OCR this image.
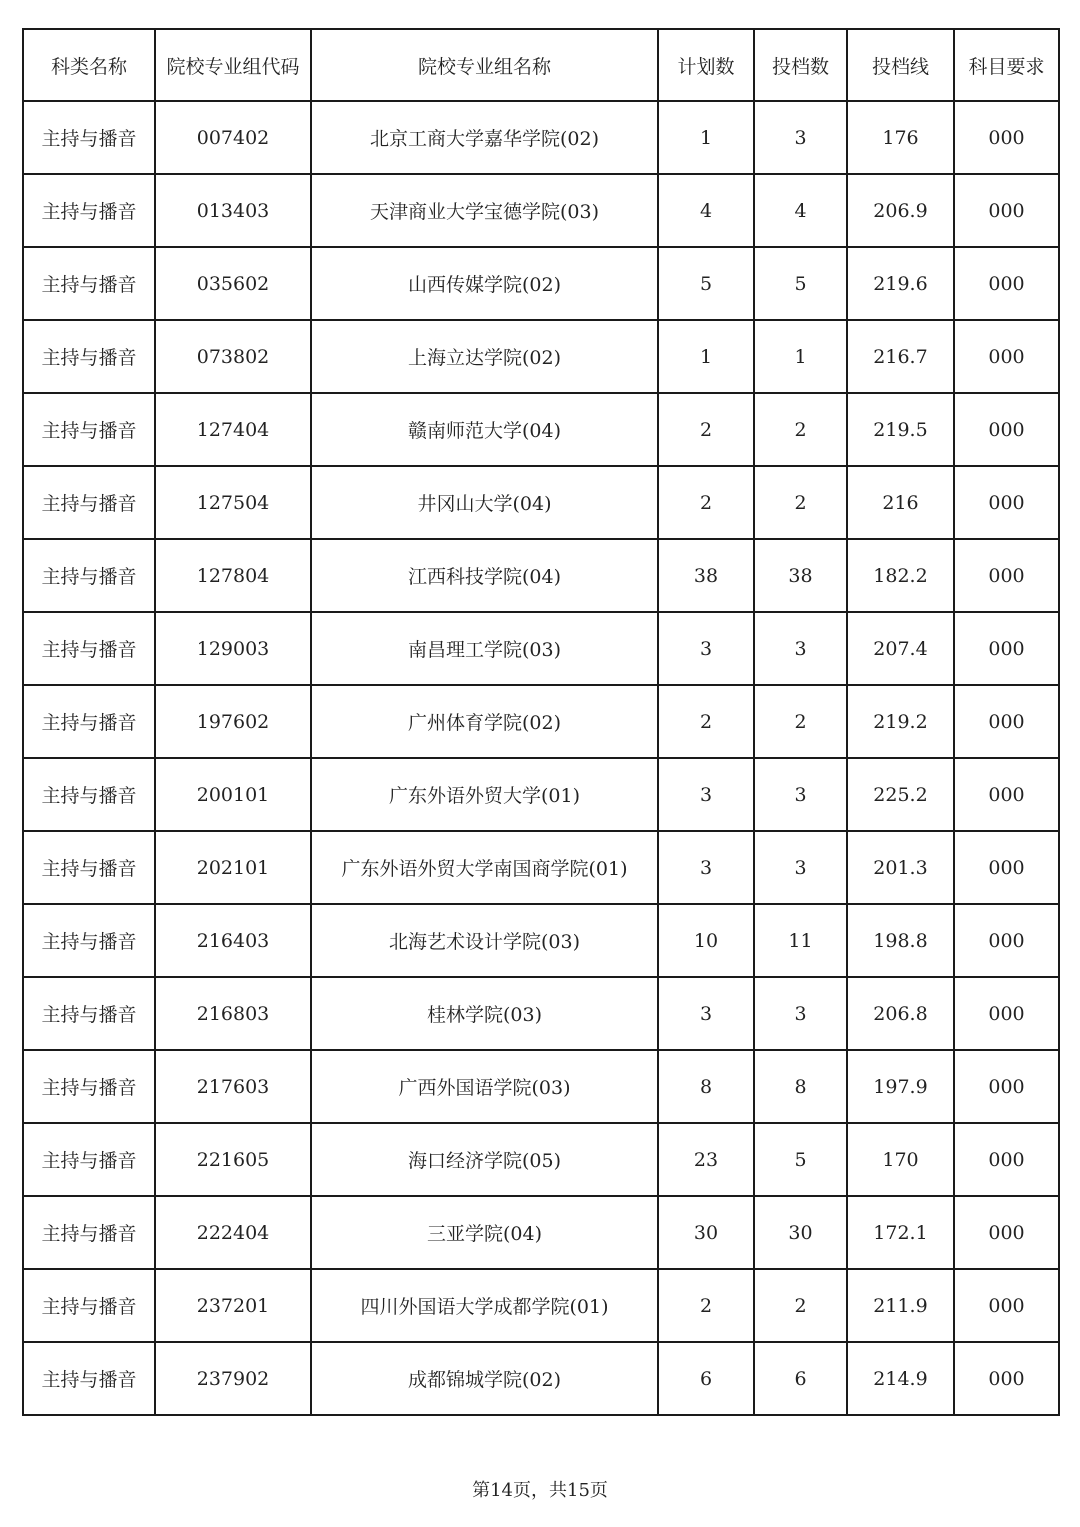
科类名称	院校专业组代码	院校专业组名称	计划数	投档数	投档线	科目要求
主持与播音	007402	北京工商大学嘉华学院(02)	1	3	176	000
主持与播音	013403	天津商业大学宝德学院(03)	4	4	206.9	000
主持与播音	035602	山西传媒学院(02)	5	5	219.6	000
主持与播音	073802	上海立达学院(02)	1	1	216.7	000
主持与播音	127404	赣南师范大学(04)	2	2	219.5	000
主持与播音	127504	井冈山大学(04)	2	2	216	000
主持与播音	127804	江西科技学院(04)	38	38	182.2	000
主持与播音	129003	南昌理工学院(03)	3	3	207.4	000
主持与播音	197602	广州体育学院(02)	2	2	219.2	000
主持与播音	200101	广东外语外贸大学(01)	3	3	225.2	000
主持与播音	202101	广东外语外贸大学南国商学院(01)	3	3	201.3	000
主持与播音	216403	北海艺术设计学院(03)	10	11	198.8	000
主持与播音	216803	桂林学院(03)	3	3	206.8	000
主持与播音	217603	广西外国语学院(03)	8	8	197.9	000
主持与播音	221605	海口经济学院(05)	23	5	170	000
主持与播音	222404	三亚学院(04)	30	30	172.1	000
主持与播音	237201	四川外国语大学成都学院(01)	2	2	211.9	000
主持与播音	237902	成都锦城学院(02)	6	6	214.9	000
第14页，共15页
